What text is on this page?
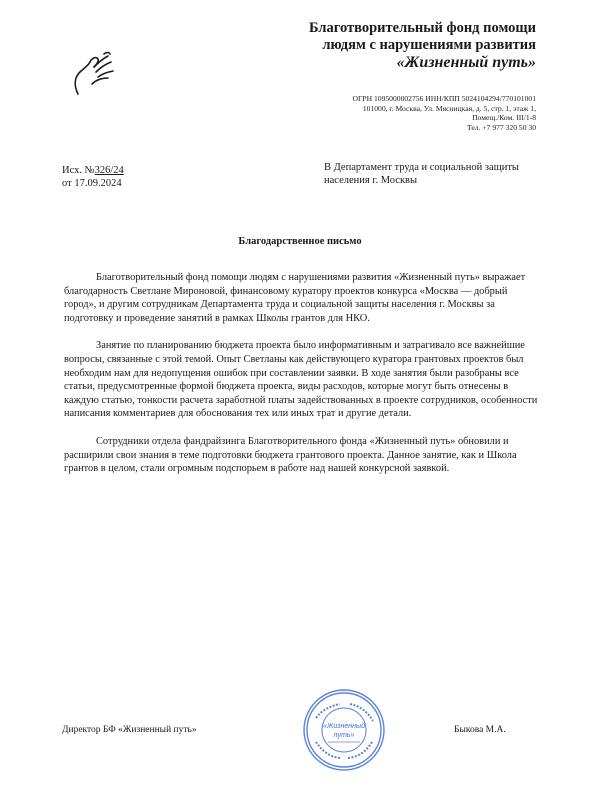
Благотворительный фонд помощи
людям с нарушениями развития
«Жизненный путь»
ОГРН 1095000002756 ИНН/КПП 5024104294/770101001
101000, г. Москва, Ул. Мясницкая, д. 5, стр. 1, этаж 1,
Помещ./Ком. III/1-8
Тел. +7 977 320 50 30
Исх. №326/24
от 17.09.2024
В Департамент труда и социальной защиты
населения г. Москвы
Благодарственное письмо

Благотворительный фонд помощи людям с нарушениями развития «Жизненный путь» выражает благодарность Светлане Мироновой, финансовому куратору проектов конкурса «Москва — добрый город», и другим сотрудникам Департамента труда и социальной защиты населения г. Москвы за подготовку и проведение занятий в рамках Школы грантов для НКО.

Занятие по планированию бюджета проекта было информативным и затрагивало все важнейшие вопросы, связанные с этой темой. Опыт Светланы как действующего куратора грантовых проектов был необходим нам для недопущения ошибок при составлении заявки. В ходе занятия были разобраны все статьи, предусмотренные формой бюджета проекта, виды расходов, которые могут быть отнесены в каждую статью, тонкости расчета заработной платы задействованных в проекте сотрудников, особенности написания комментариев для обоснования тех или иных трат и другие детали.

Сотрудники отдела фандрайзинга Благотворительного фонда «Жизненный путь» обновили и расширили свои знания в теме подготовки бюджета грантового проекта. Данное занятие, как и Школа грантов в целом, стали огромным подспорьем в работе над нашей конкурсной заявкой.

Директор БФ «Жизненный путь»	Быкова М.А.
«Жизненный
путь»
